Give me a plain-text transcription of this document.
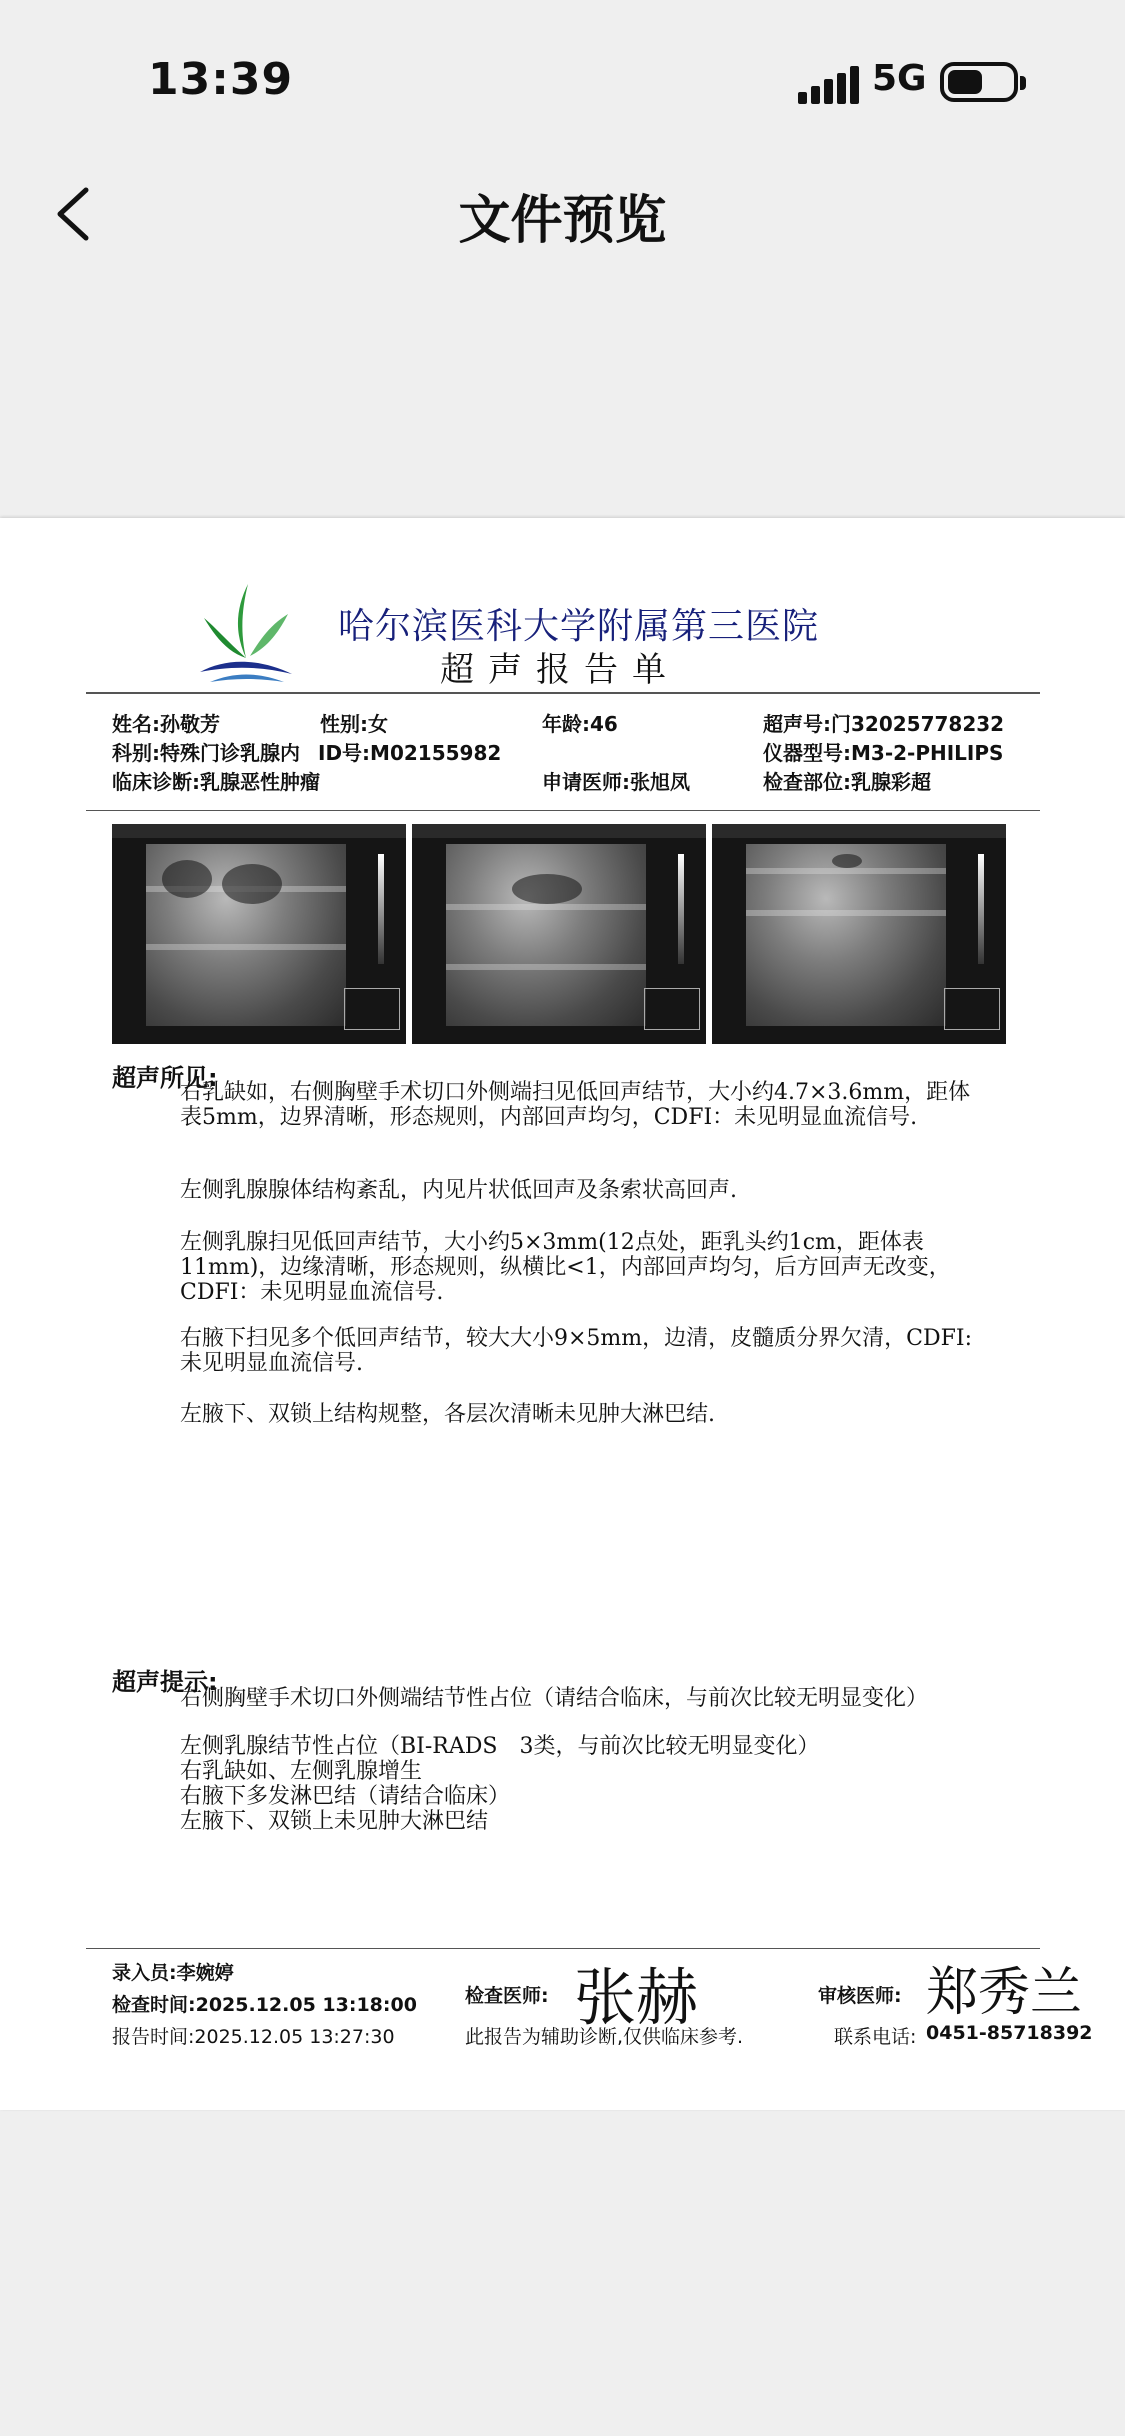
13:39	5G
文件预览
哈尔滨医科大学附属第三医院
超声报告单
姓名:孙敬芳	性别:女	年龄:46	超声号:门32025778232
科别:特殊门诊乳腺内 ID号:M02155982	仪器型号:M3-2-PHILIPS
临床诊断:乳腺恶性肿瘤	申请医师:张旭凤	检查部位:乳腺彩超
超声所见:
右乳缺如，右侧胸壁手术切口外侧端扫见低回声结节，大小约4.7×3.6mm，距体表5mm，边界清晰，形态规则，内部回声均匀，CDFI：未见明显血流信号.
左侧乳腺腺体结构紊乱，内见片状低回声及条索状高回声.
左侧乳腺扫见低回声结节，大小约5×3mm(12点处，距乳头约1cm，距体表11mm)，边缘清晰，形态规则，纵横比<1，内部回声均匀，后方回声无改变，CDFI：未见明显血流信号.
右腋下扫见多个低回声结节，较大大小9×5mm，边清，皮髓质分界欠清，CDFI:未见明显血流信号.
左腋下、双锁上结构规整，各层次清晰未见肿大淋巴结.
超声提示:
右侧胸壁手术切口外侧端结节性占位（请结合临床，与前次比较无明显变化）
左侧乳腺结节性占位（BI-RADS　3类，与前次比较无明显变化）
右乳缺如、左侧乳腺增生
右腋下多发淋巴结（请结合临床）
左腋下、双锁上未见肿大淋巴结
录入员:李婉婷
检查时间:2025.12.05 13:18:00
报告时间:2025.12.05 13:27:30
检查医师: 张赫
此报告为辅助诊断,仅供临床参考.
审核医师: 郑秀兰
联系电话: 0451-85718392
